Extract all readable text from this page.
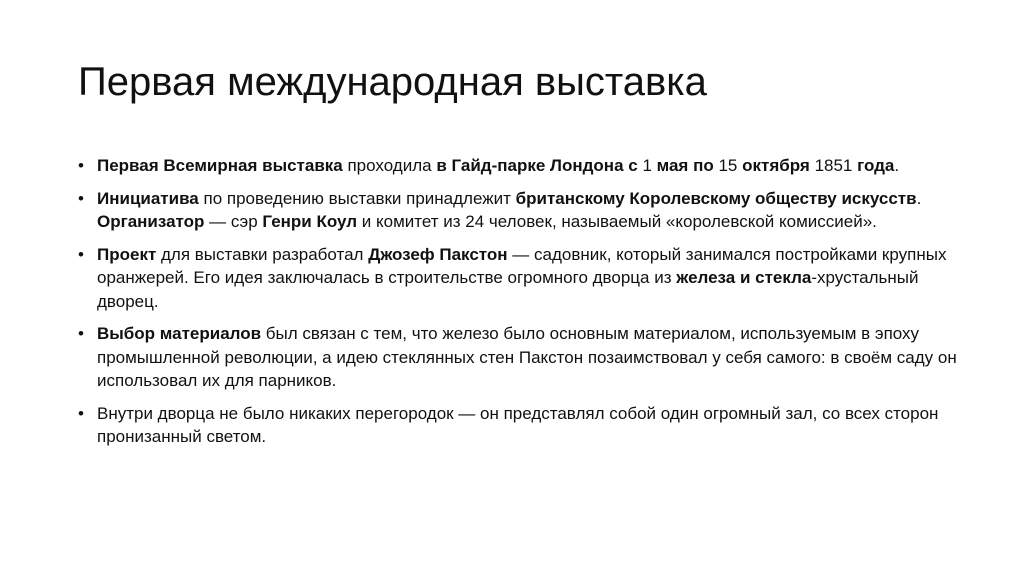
Первая международная выставка
• Первая Всемирная выставка проходила в Гайд-парке Лондона с 1 мая по 15 октября 1851 года.
• Инициатива по проведению выставки принадлежит британскому Королевскому обществу искусств. Организатор — сэр Генри Коул и комитет из 24 человек, называемый «королевской комиссией».
• Проект для выставки разработал Джозеф Пакстон — садовник, который занимался постройками крупных оранжерей. Его идея заключалась в строительстве огромного дворца из железа и стекла-хрустальный дворец.
• Выбор материалов был связан с тем, что железо было основным материалом, используемым в эпоху промышленной революции, а идею стеклянных стен Пакстон позаимствовал у себя самого: в своём саду он использовал их для парников.
• Внутри дворца не было никаких перегородок — он представлял собой один огромный зал, со всех сторон пронизанный светом.
